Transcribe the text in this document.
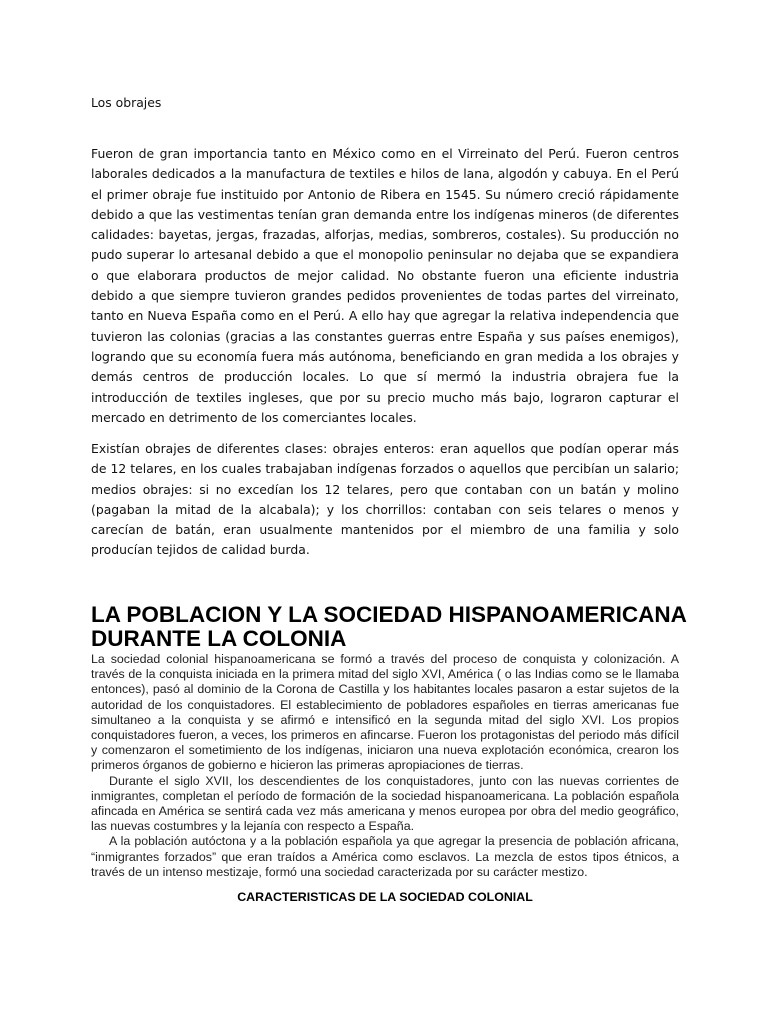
Los obrajes

Fueron de gran importancia tanto en México como en el Virreinato del Perú. Fueron centros laborales dedicados a la manufactura de textiles e hilos de lana, algodón y cabuya. En el Perú el primer obraje fue instituido por Antonio de Ribera en 1545. Su número creció rápidamente debido a que las vestimentas tenían gran demanda entre los indígenas mineros (de diferentes calidades: bayetas, jergas, frazadas, alforjas, medias, sombreros, costales). Su producción no pudo superar lo artesanal debido a que el monopolio peninsular no dejaba que se expandiera o que elaborara productos de mejor calidad. No obstante fueron una eficiente industria debido a que siempre tuvieron grandes pedidos provenientes de todas partes del virreinato, tanto en Nueva España como en el Perú. A ello hay que agregar la relativa independencia que tuvieron las colonias (gracias a las constantes guerras entre España y sus países enemigos), logrando que su economía fuera más autónoma, beneficiando en gran medida a los obrajes y demás centros de producción locales. Lo que sí mermó la industria obrajera fue la introducción de textiles ingleses, que por su precio mucho más bajo, lograron capturar el mercado en detrimento de los comerciantes locales.

Existían obrajes de diferentes clases: obrajes enteros: eran aquellos que podían operar más de 12 telares, en los cuales trabajaban indígenas forzados o aquellos que percibían un salario; medios obrajes: si no excedían los 12 telares, pero que contaban con un batán y molino (pagaban la mitad de la alcabala); y los chorrillos: contaban con seis telares o menos y carecían de batán, eran usualmente mantenidos por el miembro de una familia y solo producían tejidos de calidad burda.

LA POBLACION Y LA SOCIEDAD HISPANOAMERICANA DURANTE LA COLONIA

La sociedad colonial hispanoamericana se formó a través del proceso de conquista y colonización. A través de la conquista iniciada en la primera mitad del siglo XVI, América ( o las Indias como se le llamaba entonces), pasó al dominio de la Corona de Castilla y los habitantes locales pasaron a estar sujetos de la autoridad de los conquistadores. El establecimiento de pobladores españoles en tierras americanas fue simultaneo a la conquista y se afirmó e intensificó en la segunda mitad del siglo XVI. Los propios conquistadores fueron, a veces, los primeros en afincarse. Fueron los protagonistas del periodo más difícil y comenzaron el sometimiento de los indígenas, iniciaron una nueva explotación económica, crearon los primeros órganos de gobierno e hicieron las primeras apropiaciones de tierras.

Durante el siglo XVII, los descendientes de los conquistadores, junto con las nuevas corrientes de inmigrantes, completan el período de formación de la sociedad hispanoamericana. La población española afincada en América se sentirá cada vez más americana y menos europea por obra del medio geográfico, las nuevas costumbres y la lejanía con respecto a España.

A la población autóctona y a la población española ya que agregar la presencia de población africana, “inmigrantes forzados” que eran traídos a América como esclavos. La mezcla de estos tipos étnicos, a través de un intenso mestizaje, formó una sociedad caracterizada por su carácter mestizo.

CARACTERISTICAS DE LA SOCIEDAD COLONIAL
